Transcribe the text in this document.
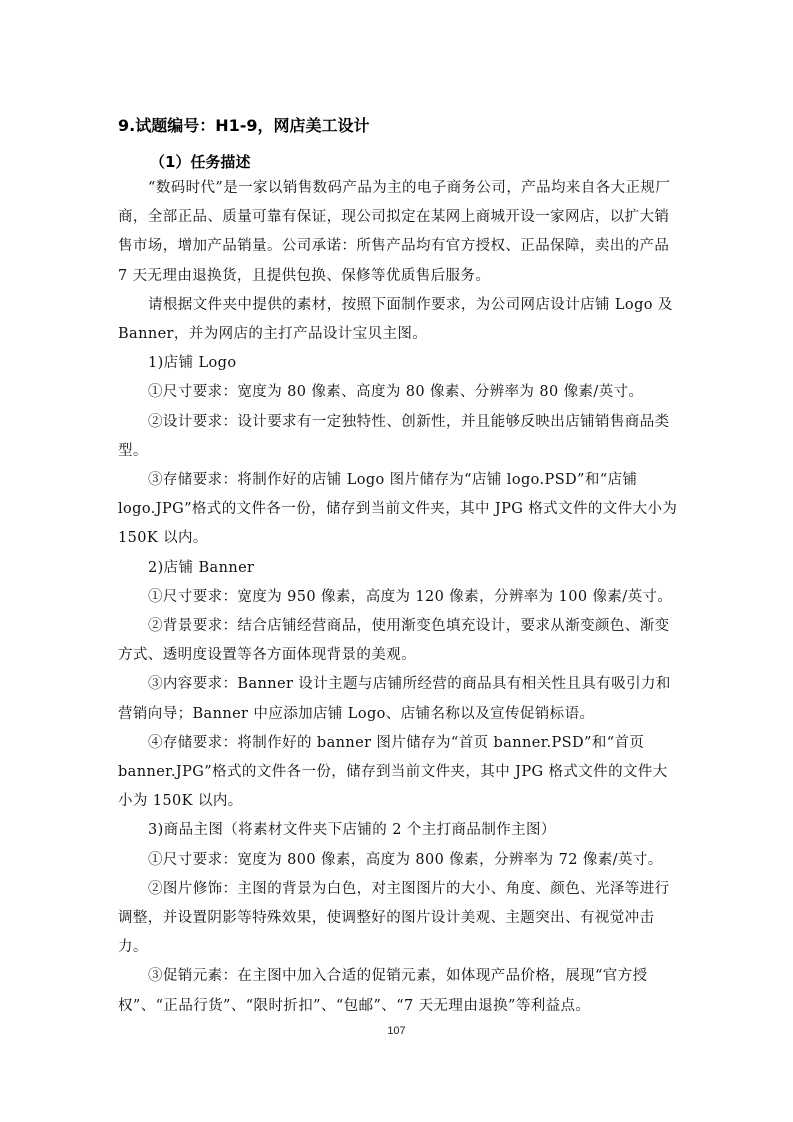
9.试题编号：H1-9，网店美工设计
（1）任务描述

“数码时代”是一家以销售数码产品为主的电子商务公司，产品均来自各大正规厂商，全部正品、质量可靠有保证，现公司拟定在某网上商城开设一家网店，以扩大销售市场，增加产品销量。公司承诺：所售产品均有官方授权、正品保障，卖出的产品 7 天无理由退换货，且提供包换、保修等优质售后服务。

请根据文件夹中提供的素材，按照下面制作要求，为公司网店设计店铺 Logo 及 Banner，并为网店的主打产品设计宝贝主图。

1)店铺 Logo

①尺寸要求：宽度为 80 像素、高度为 80 像素、分辨率为 80 像素/英寸。

②设计要求：设计要求有一定独特性、创新性，并且能够反映出店铺销售商品类型。

③存储要求：将制作好的店铺 Logo 图片储存为“店铺 logo.PSD”和“店铺 logo.JPG”格式的文件各一份，储存到当前文件夹，其中 JPG 格式文件的文件大小为 150K 以内。

2)店铺 Banner

①尺寸要求：宽度为 950 像素，高度为 120 像素，分辨率为 100 像素/英寸。

②背景要求：结合店铺经营商品，使用渐变色填充设计，要求从渐变颜色、渐变方式、透明度设置等各方面体现背景的美观。

③内容要求：Banner 设计主题与店铺所经营的商品具有相关性且具有吸引力和营销向导；Banner 中应添加店铺 Logo、店铺名称以及宣传促销标语。

④存储要求：将制作好的 banner 图片储存为“首页 banner.PSD”和“首页 banner.JPG”格式的文件各一份，储存到当前文件夹，其中 JPG 格式文件的文件大小为 150K 以内。

3)商品主图（将素材文件夹下店铺的 2 个主打商品制作主图）

①尺寸要求：宽度为 800 像素，高度为 800 像素，分辨率为 72 像素/英寸。

②图片修饰：主图的背景为白色，对主图图片的大小、角度、颜色、光泽等进行调整，并设置阴影等特殊效果，使调整好的图片设计美观、主题突出、有视觉冲击力。

③促销元素：在主图中加入合适的促销元素，如体现产品价格，展现“官方授权”、“正品行货”、“限时折扣”、“包邮”、“7 天无理由退换”等利益点。

107
